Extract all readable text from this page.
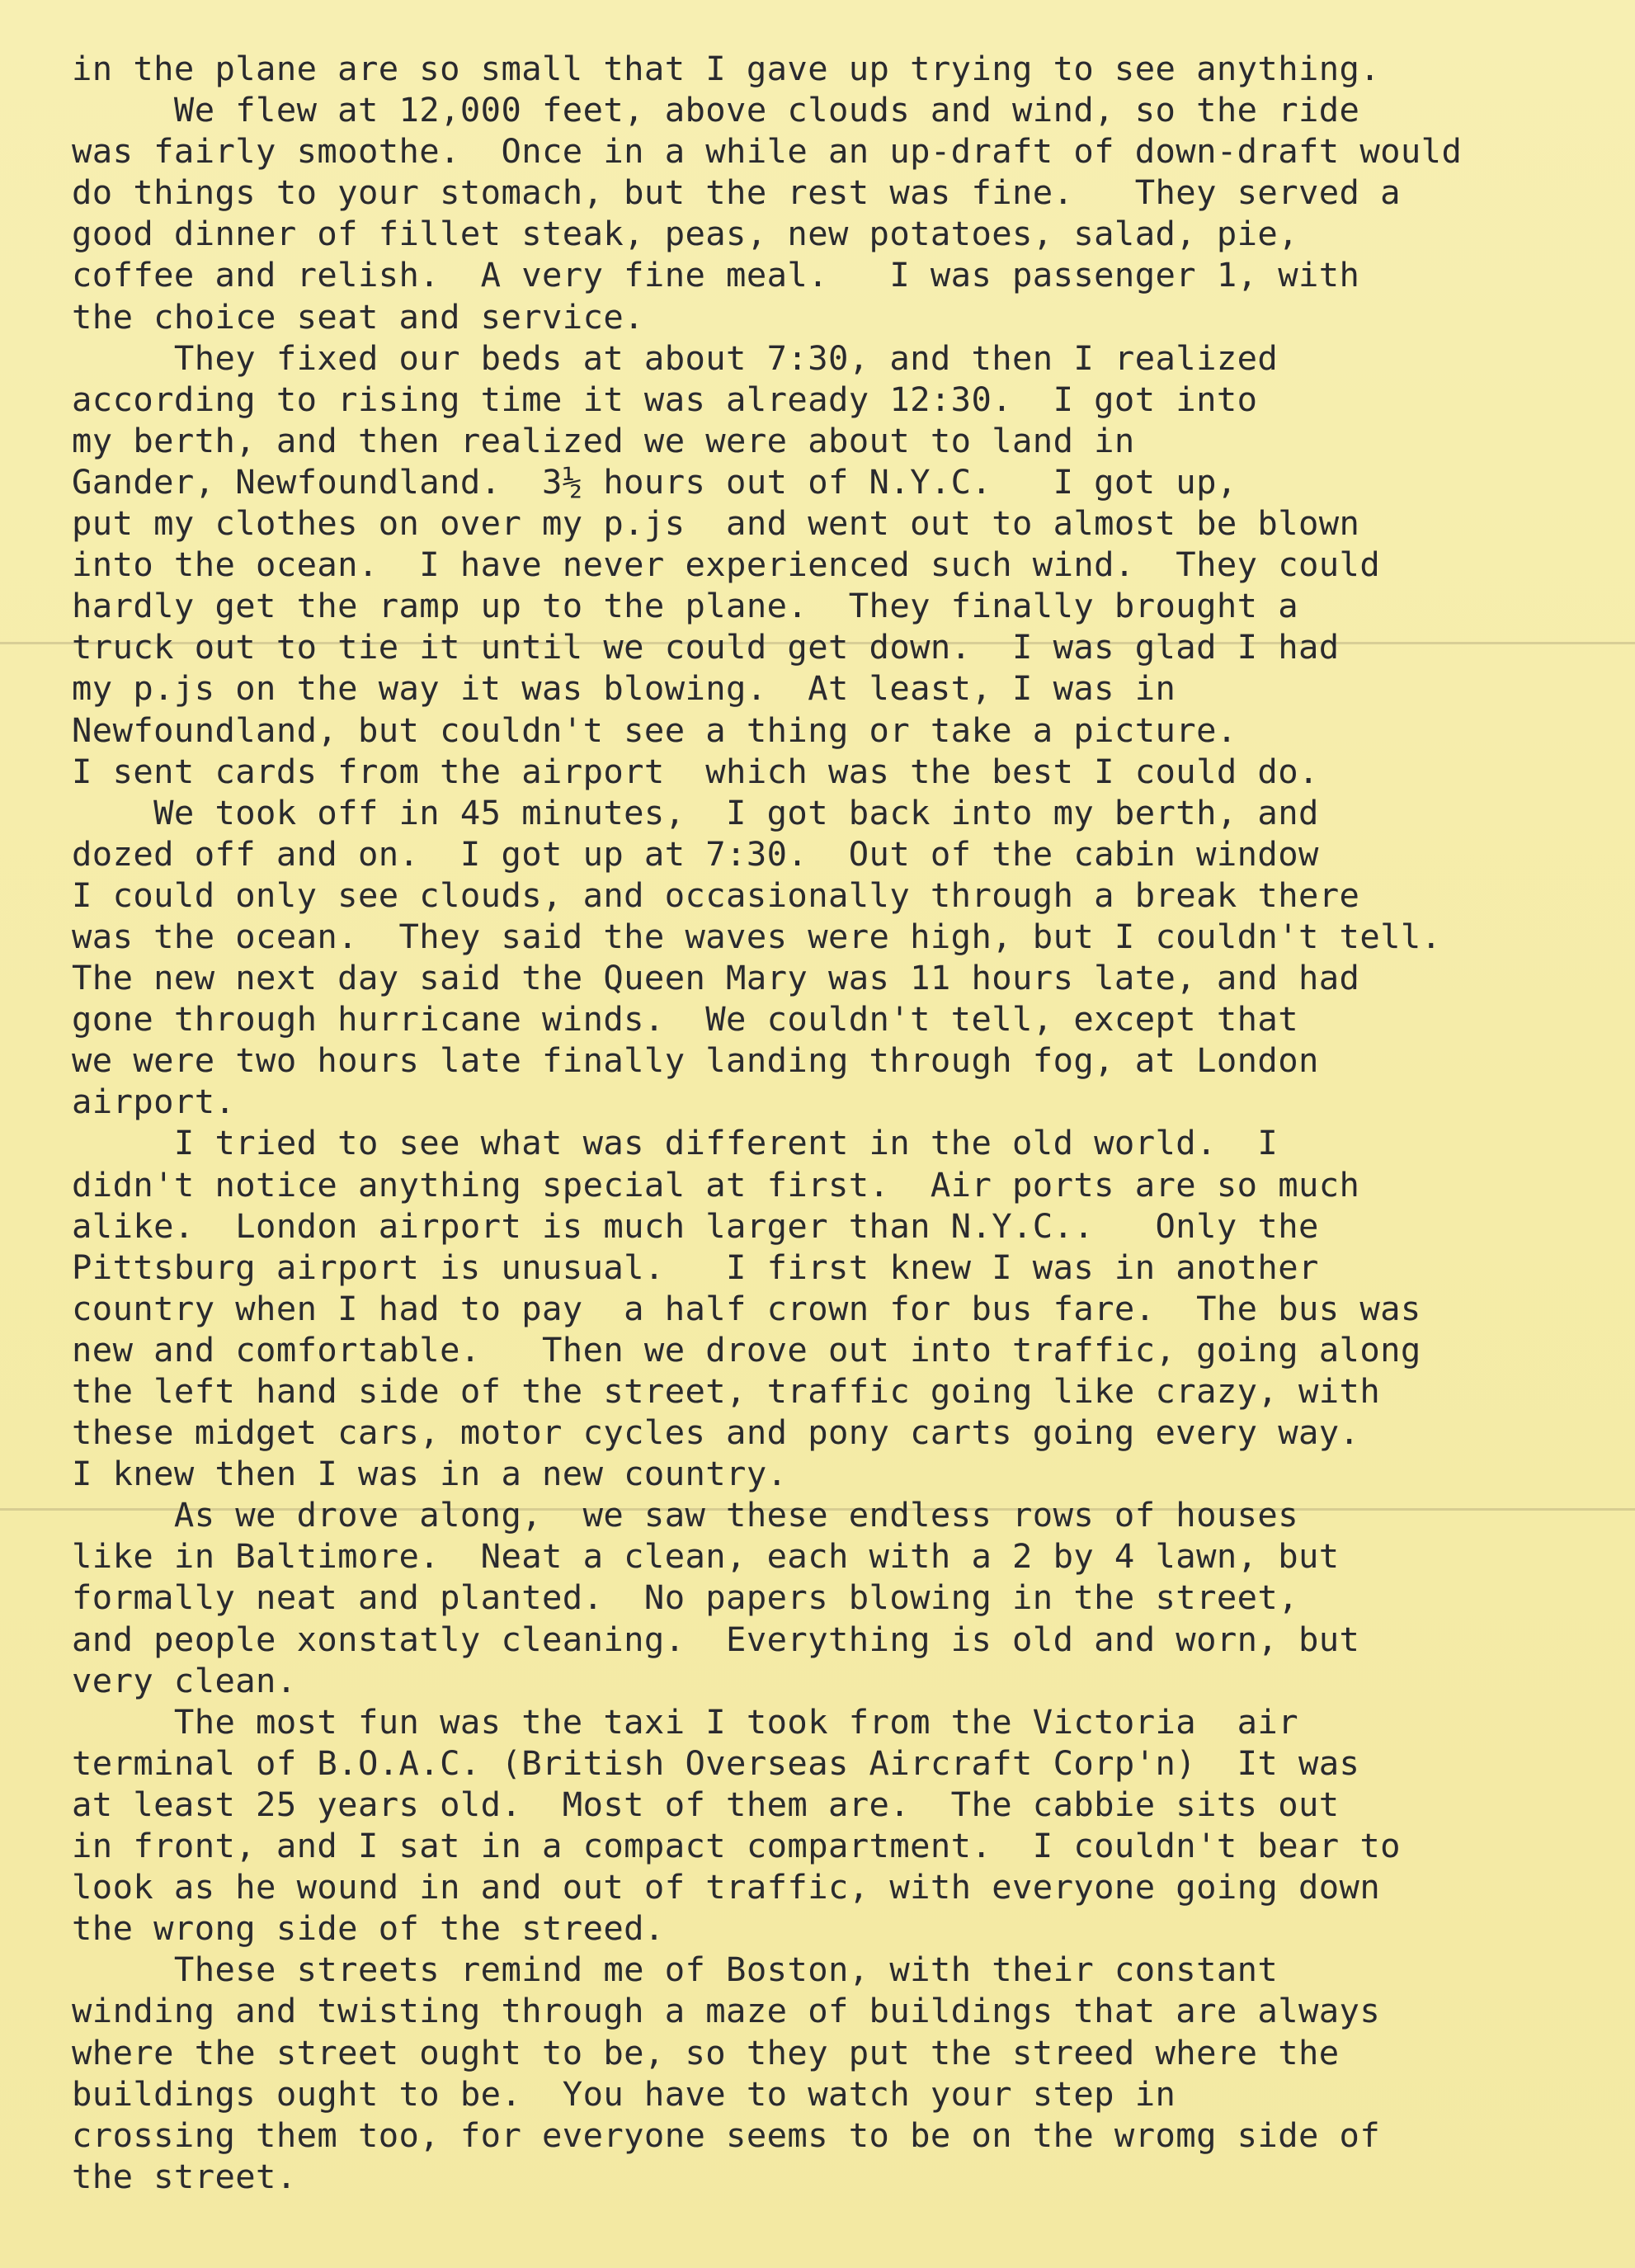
in the plane are so small that I gave up trying to see anything.
We flew at 12,000 feet, above clouds and wind, so the ride
was fairly smoothe.  Once in a while an up-draft of down-draft would
do things to your stomach, but the rest was fine.   They served a
good dinner of fillet steak, peas, new potatoes, salad, pie,
coffee and relish.  A very fine meal.   I was passenger 1, with
the choice seat and service.
They fixed our beds at about 7:30, and then I realized
according to rising time it was already 12:30.  I got into
my berth, and then realized we were about to land in
Gander, Newfoundland.  3½ hours out of N.Y.C.   I got up,
put my clothes on over my p.js  and went out to almost be blown
into the ocean.  I have never experienced such wind.  They could
hardly get the ramp up to the plane.  They finally brought a
truck out to tie it until we could get down.  I was glad I had
my p.js on the way it was blowing.  At least, I was in
Newfoundland, but couldn't see a thing or take a picture.
I sent cards from the airport  which was the best I could do.
We took off in 45 minutes,  I got back into my berth, and
dozed off and on.  I got up at 7:30.  Out of the cabin window
I could only see clouds, and occasionally through a break there
was the ocean.  They said the waves were high, but I couldn't tell.
The new next day said the Queen Mary was 11 hours late, and had
gone through hurricane winds.  We couldn't tell, except that
we were two hours late finally landing through fog, at London
airport.
I tried to see what was different in the old world.  I
didn't notice anything special at first.  Air ports are so much
alike.  London airport is much larger than N.Y.C..   Only the
Pittsburg airport is unusual.   I first knew I was in another
country when I had to pay  a half crown for bus fare.  The bus was
new and comfortable.   Then we drove out into traffic, going along
the left hand side of the street, traffic going like crazy, with
these midget cars, motor cycles and pony carts going every way.
I knew then I was in a new country.
As we drove along,  we saw these endless rows of houses
like in Baltimore.  Neat a clean, each with a 2 by 4 lawn, but
formally neat and planted.  No papers blowing in the street,
and people xonstatly cleaning.  Everything is old and worn, but
very clean.
The most fun was the taxi I took from the Victoria  air
terminal of B.O.A.C. (British Overseas Aircraft Corp'n)  It was
at least 25 years old.  Most of them are.  The cabbie sits out
in front, and I sat in a compact compartment.  I couldn't bear to
look as he wound in and out of traffic, with everyone going down
the wrong side of the streed.
These streets remind me of Boston, with their constant
winding and twisting through a maze of buildings that are always
where the street ought to be, so they put the streed where the
buildings ought to be.  You have to watch your step in
crossing them too, for everyone seems to be on the wromg side of
the street.
